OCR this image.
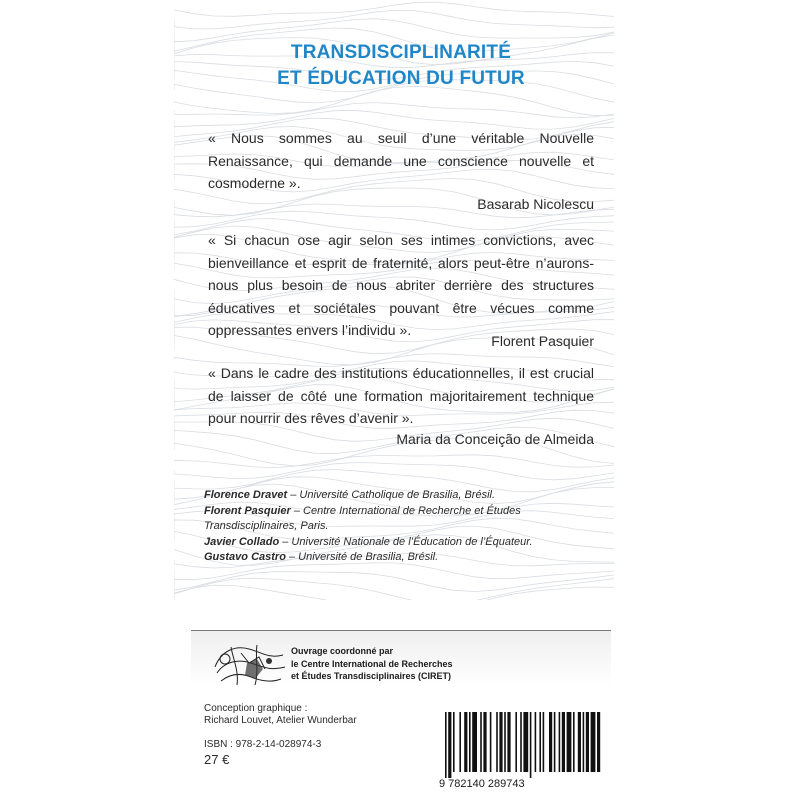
TRANSDISCIPLINARITÉ
ET ÉDUCATION DU FUTUR
« Nous sommes au seuil d’une véritable Nouvelle
Renaissance, qui demande une conscience nouvelle et
cosmoderne ».
Basarab Nicolescu
« Si chacun ose agir selon ses intimes convictions, avec
bienveillance et esprit de fraternité, alors peut-être n’aurons-
nous plus besoin de nous abriter derrière des structures
éducatives et sociétales pouvant être vécues comme
oppressantes envers l’individu ».
Florent Pasquier
« Dans le cadre des institutions éducationnelles, il est crucial
de laisser de côté une formation majoritairement technique
pour nourrir des rêves d’avenir ».
Maria da Conceição de Almeida
Florence Dravet – Université Catholique de Brasilia, Brésil.
Florent Pasquier – Centre International de Recherche et Études
Transdisciplinaires, Paris.
Javier Collado – Université Nationale de l’Éducation de l’Équateur.
Gustavo Castro – Université de Brasilia, Brésil.
Ouvrage coordonné par
le Centre International de Recherches
et Études Transdisciplinaires (CIRET)
Conception graphique :
Richard Louvet, Atelier Wunderbar
ISBN : 978-2-14-028974-3
27 €
9 782140 289743
